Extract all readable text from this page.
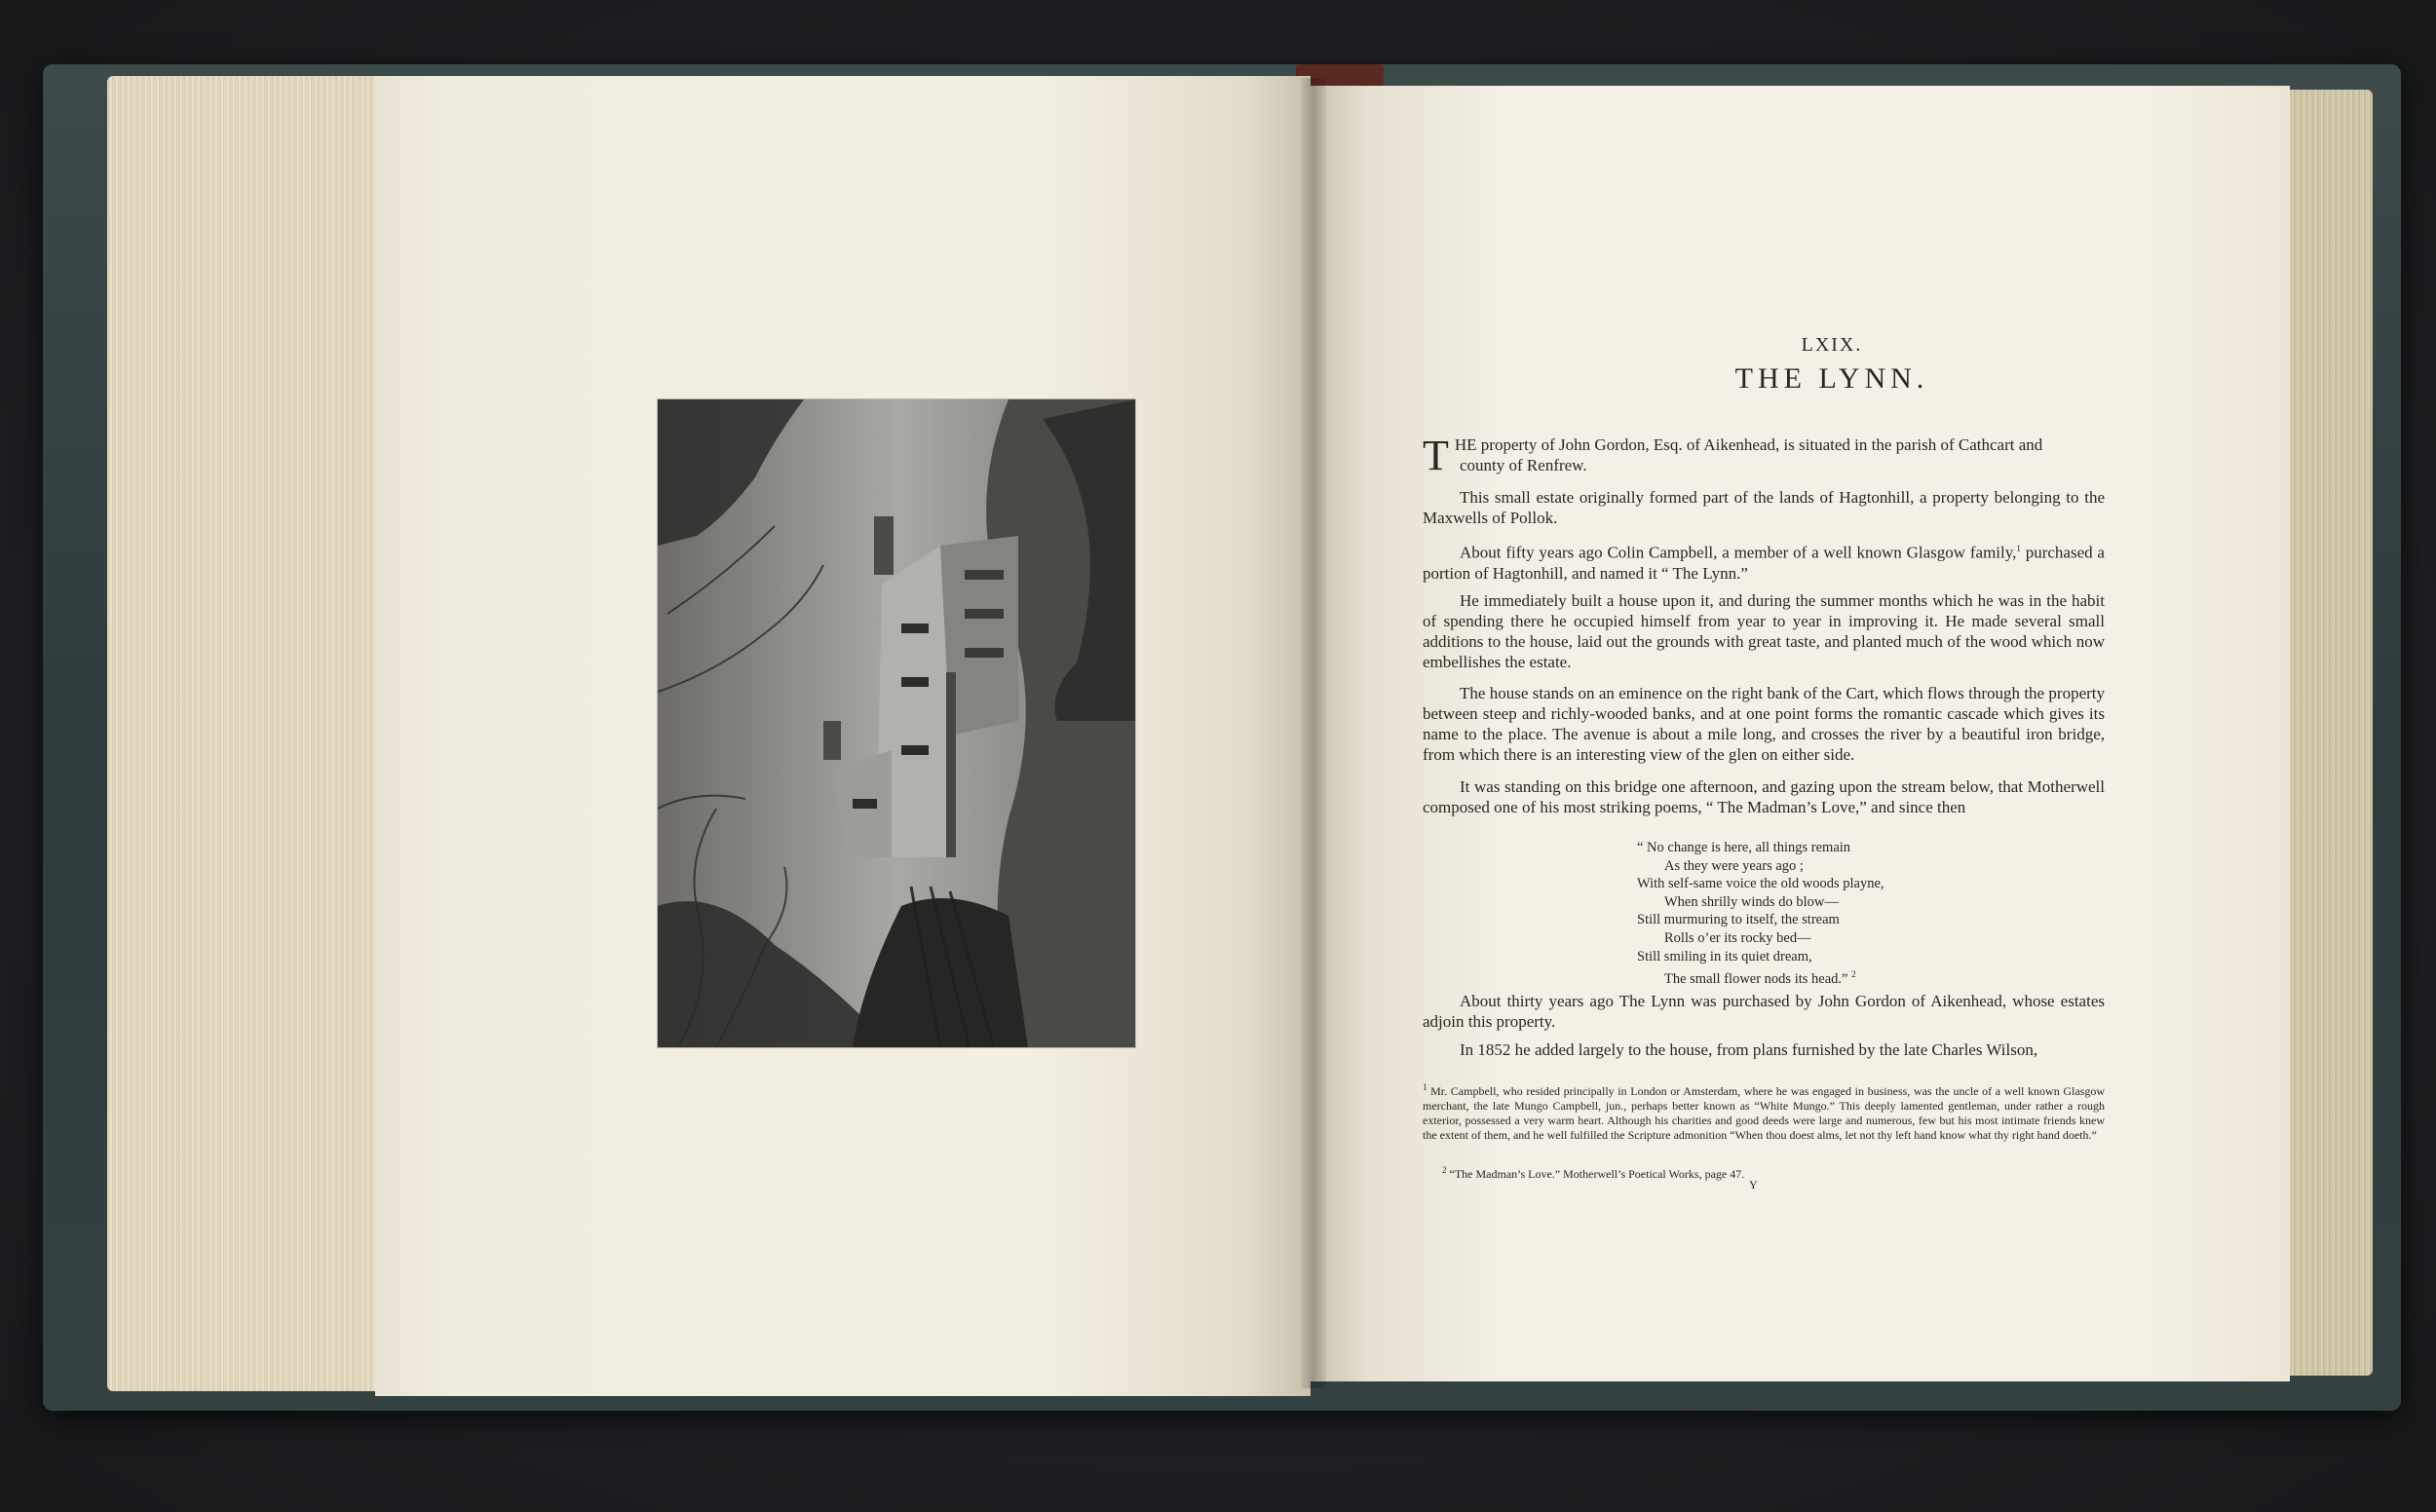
LXIX.
THE LYNN.
THE property of John Gordon, Esq. of Aikenhead, is situated in the parish of Cathcart and
county of Renfrew.
This small estate originally formed part of the lands of Hagtonhill, a property belonging to the Maxwells of Pollok.
About fifty years ago Colin Campbell, a member of a well known Glasgow family,$^1$ purchased a portion of Hagtonhill, and named it “ The Lynn.”
He immediately built a house upon it, and during the summer months which he was in the habit of spending there he occupied himself from year to year in improving it. He made several small additions to the house, laid out the grounds with great taste, and planted much of the wood which now embellishes the estate.
The house stands on an eminence on the right bank of the Cart, which flows through the property between steep and richly-wooded banks, and at one point forms the romantic cascade which gives its name to the place. The avenue is about a mile long, and crosses the river by a beautiful iron bridge, from which there is an interesting view of the glen on either side.
It was standing on this bridge one afternoon, and gazing upon the stream below, that Motherwell composed one of his most striking poems, “ The Madman’s Love,” and since then
“ No change is here, all things remain
As they were years ago ;
With self-same voice the old woods playne,
When shrilly winds do blow—
Still murmuring to itself, the stream
Rolls o’er its rocky bed—
Still smiling in its quiet dream,
The small flower nods its head.” $^2$
About thirty years ago The Lynn was purchased by John Gordon of Aikenhead, whose estates adjoin this property.
In 1852 he added largely to the house, from plans furnished by the late Charles Wilson,
$^1$ Mr. Campbell, who resided principally in London or Amsterdam, where he was engaged in business, was the uncle of a well known Glasgow merchant, the late Mungo Campbell, jun., perhaps better known as “White Mungo.” This deeply lamented gentleman, under rather a rough exterior, possessed a very warm heart. Although his charities and good deeds were large and numerous, few but his most intimate friends knew the extent of them, and he well fulfilled the Scripture admonition “When thou doest alms, let not thy left hand know what thy right hand doeth.”
$^2$ “The Madman’s Love.” Motherwell’s Poetical Works, page 47.
Y
